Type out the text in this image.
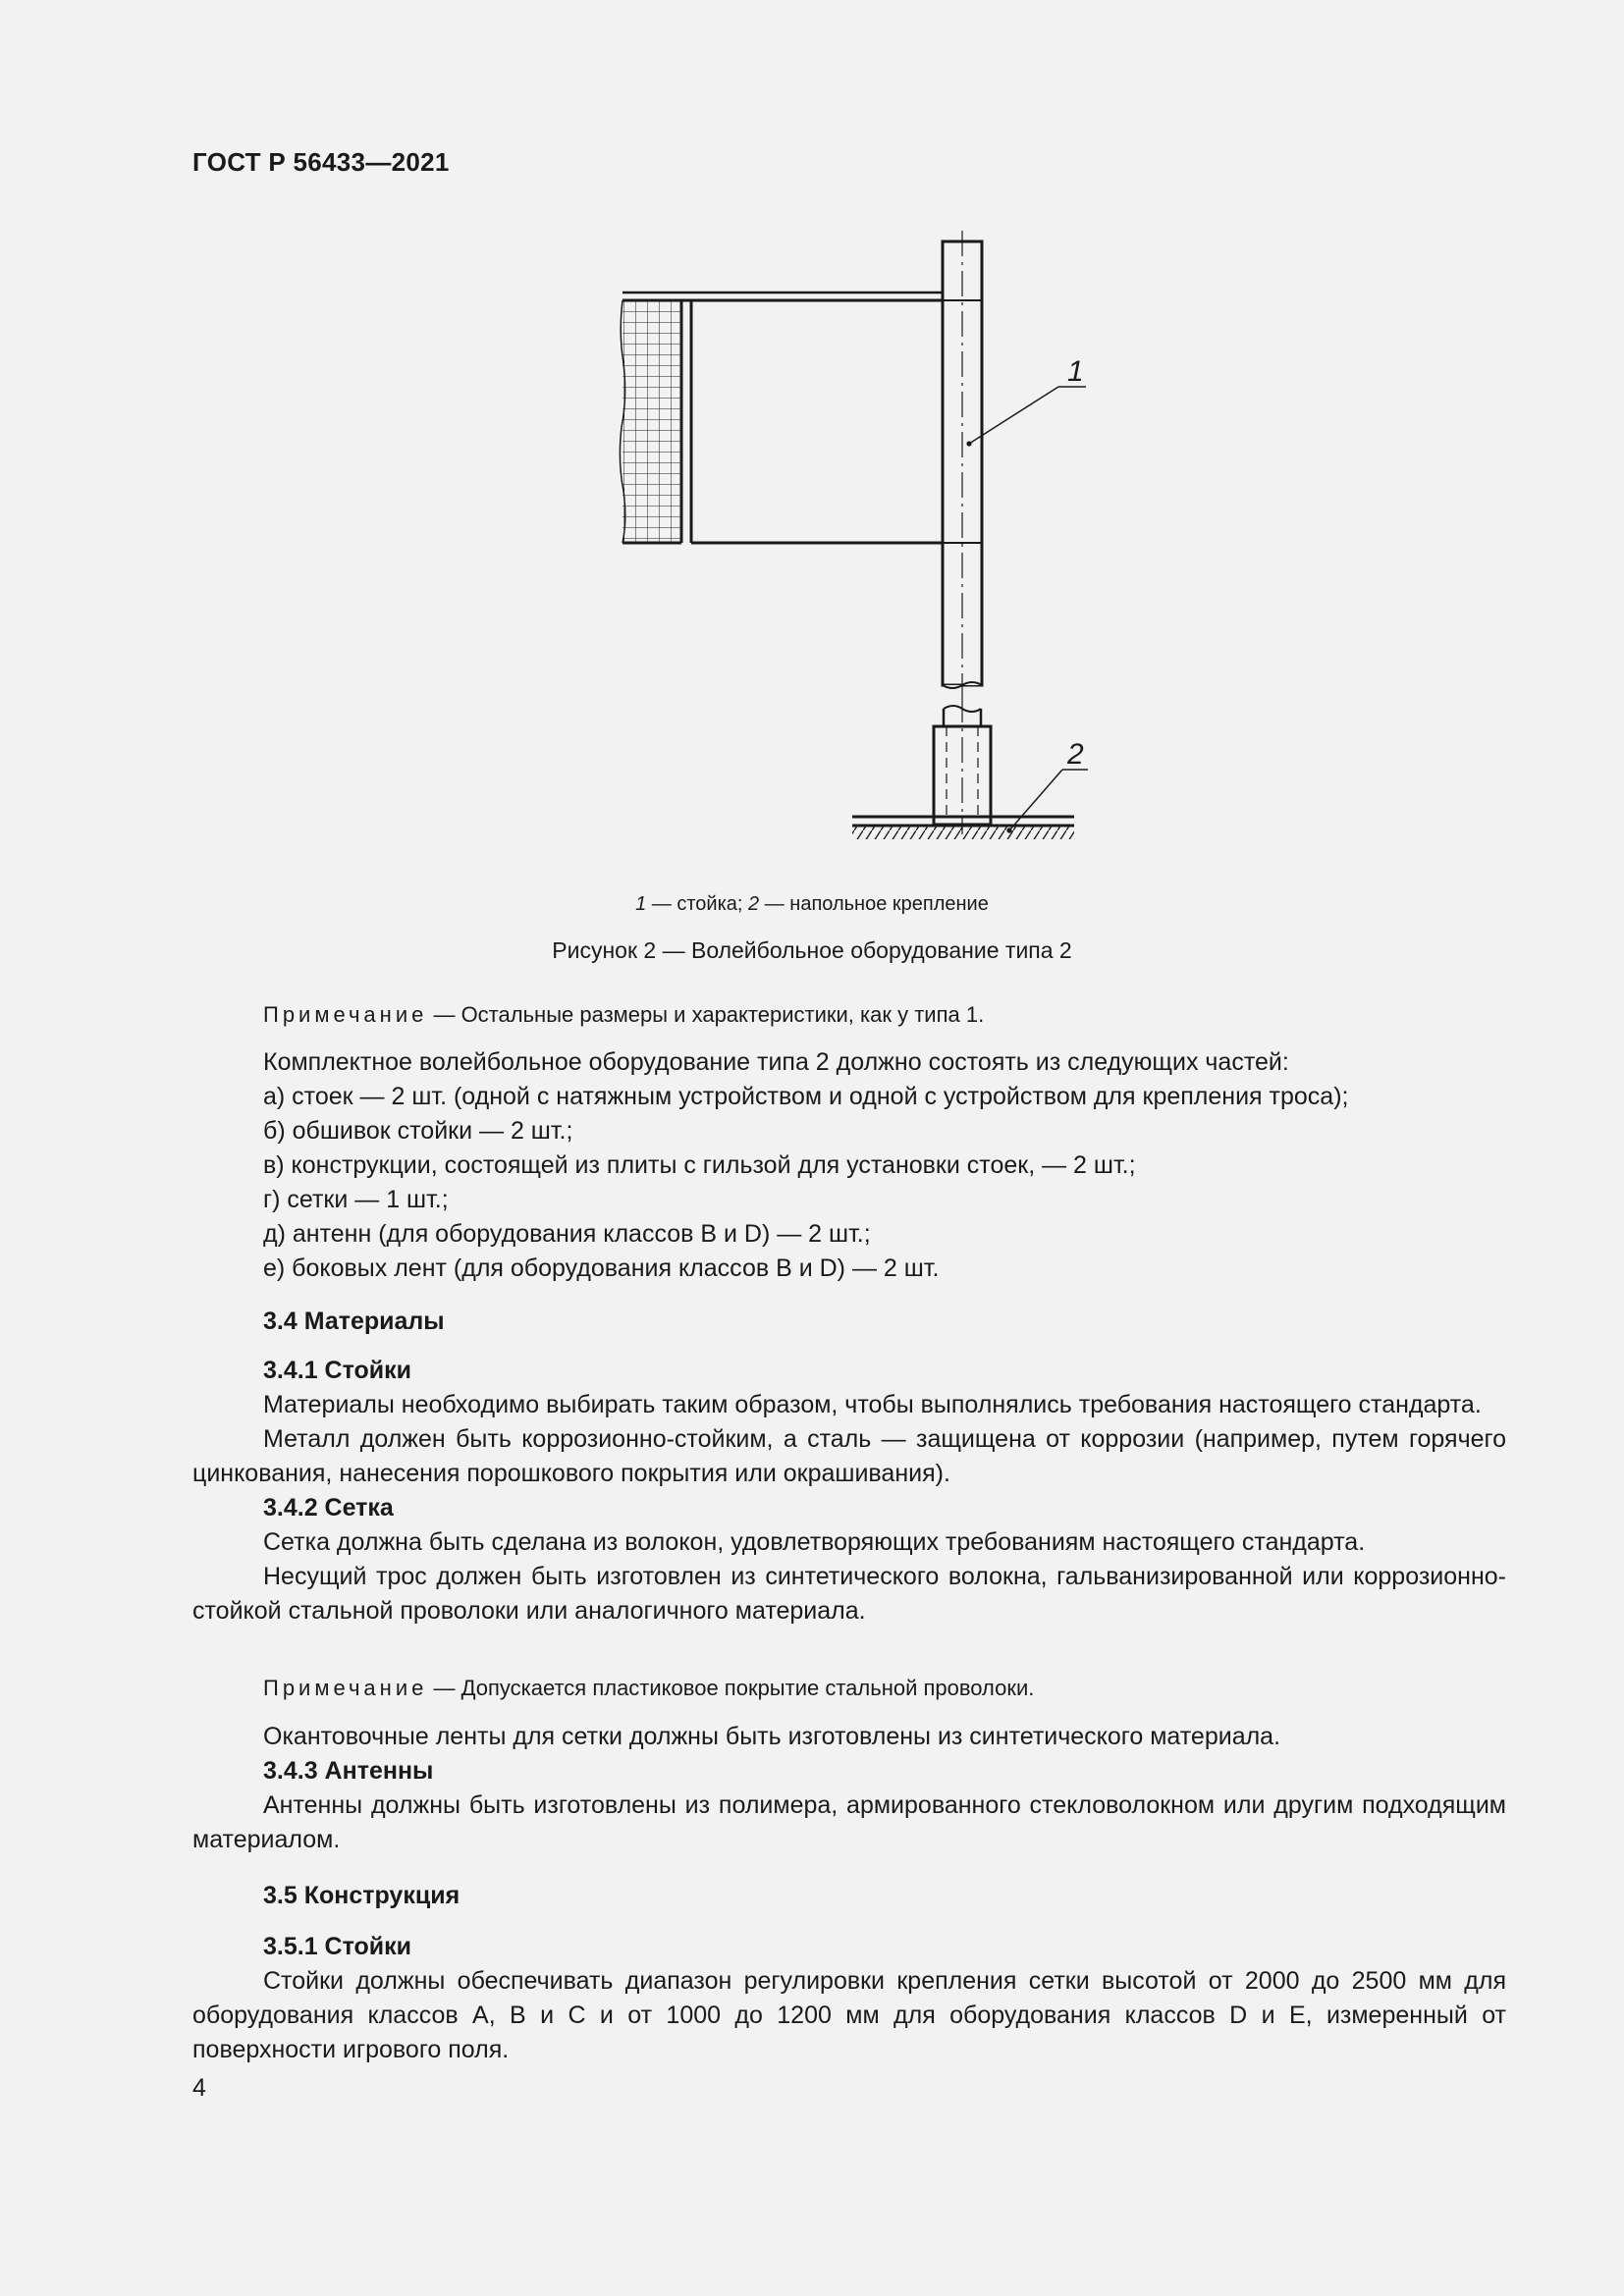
ГОСТ Р 56433—2021
1
2
1 — стойка; 2 — напольное крепление
Рисунок 2 — Волейбольное оборудование типа 2

Примечание — Остальные размеры и характеристики, как у типа 1.

Комплектное волейбольное оборудование типа 2 должно состоять из следующих частей:

а) стоек — 2 шт. (одной с натяжным устройством и одной с устройством для крепления троса);
б) обшивок стойки — 2 шт.;
в) конструкции, состоящей из плиты с гильзой для установки стоек, — 2 шт.;
г) сетки — 1 шт.;
д) антенн (для оборудования классов B и D) — 2 шт.;
е) боковых лент (для оборудования классов B и D) — 2 шт.

3.4 Материалы

3.4.1 Стойки

Материалы необходимо выбирать таким образом, чтобы выполнялись требования настоящего стандарта.

Металл должен быть коррозионно-стойким, а сталь — защищена от коррозии (например, путем горячего цинкования, нанесения порошкового покрытия или окрашивания).

3.4.2 Сетка

Сетка должна быть сделана из волокон, удовлетворяющих требованиям настоящего стандарта.

Несущий трос должен быть изготовлен из синтетического волокна, гальванизированной или коррозионно-стойкой стальной проволоки или аналогичного материала.

Примечание — Допускается пластиковое покрытие стальной проволоки.

Окантовочные ленты для сетки должны быть изготовлены из синтетического материала.

3.4.3 Антенны

Антенны должны быть изготовлены из полимера, армированного стекловолокном или другим подходящим материалом.

3.5 Конструкция

3.5.1 Стойки

Стойки должны обеспечивать диапазон регулировки крепления сетки высотой от 2000 до 2500 мм для оборудования классов А, В и С и от 1000 до 1200 мм для оборудования классов D и E, измеренный от поверхности игрового поля.

4
